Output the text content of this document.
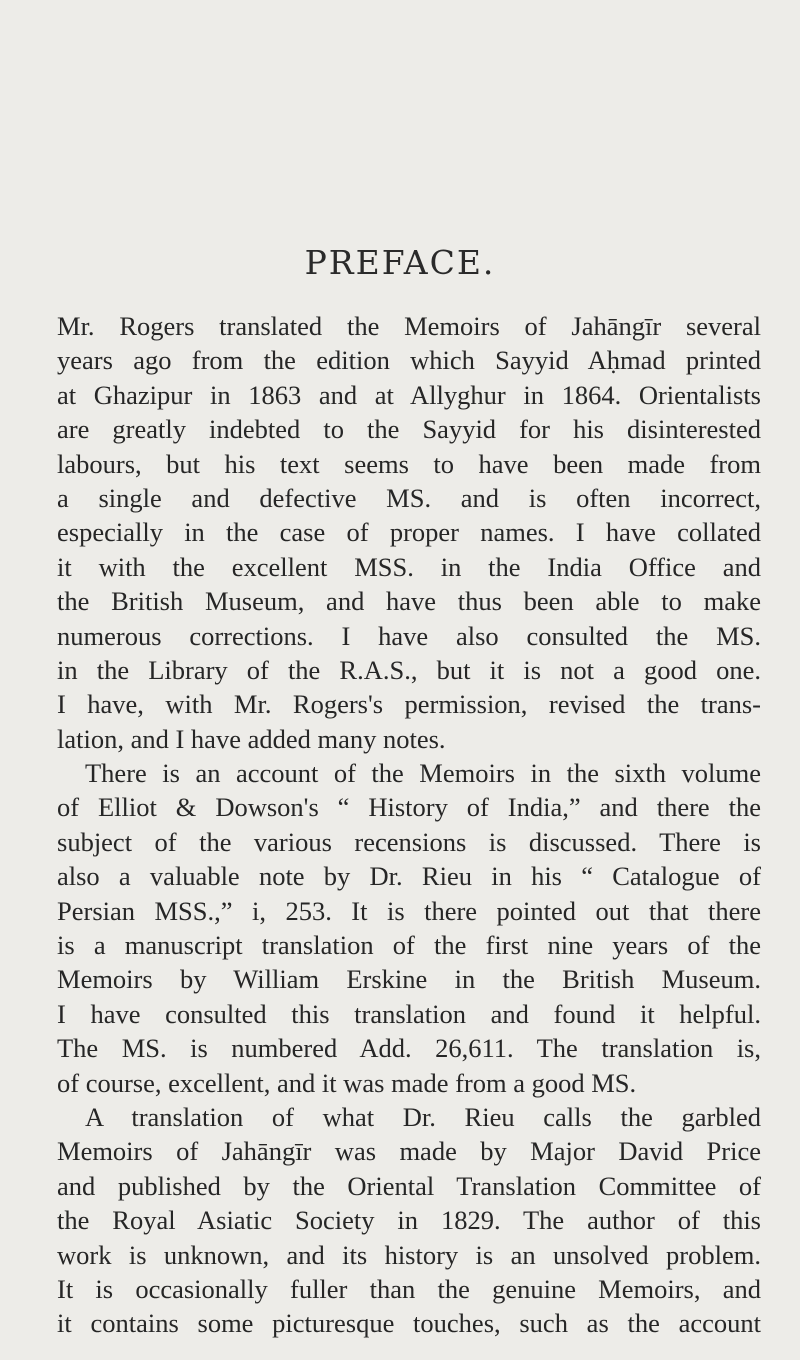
PREFACE.
Mr. Rogers translated the Memoirs of Jahāngīr several
years ago from the edition which Sayyid Aḥmad printed
at Ghazipur in 1863 and at Allyghur in 1864. Orientalists
are greatly indebted to the Sayyid for his disinterested
labours, but his text seems to have been made from
a single and defective MS. and is often incorrect,
especially in the case of proper names. I have collated
it with the excellent MSS. in the India Office and
the British Museum, and have thus been able to make
numerous corrections. I have also consulted the MS.
in the Library of the R.A.S., but it is not a good one.
I have, with Mr. Rogers's permission, revised the trans-
lation, and I have added many notes.
There is an account of the Memoirs in the sixth volume
of Elliot & Dowson's “ History of India,” and there the
subject of the various recensions is discussed. There is
also a valuable note by Dr. Rieu in his “ Catalogue of
Persian MSS.,” i, 253. It is there pointed out that there
is a manuscript translation of the first nine years of the
Memoirs by William Erskine in the British Museum.
I have consulted this translation and found it helpful.
The MS. is numbered Add. 26,611. The translation is,
of course, excellent, and it was made from a good MS.
A translation of what Dr. Rieu calls the garbled
Memoirs of Jahāngīr was made by Major David Price
and published by the Oriental Translation Committee of
the Royal Asiatic Society in 1829. The author of this
work is unknown, and its history is an unsolved problem.
It is occasionally fuller than the genuine Memoirs, and
it contains some picturesque touches, such as the account
